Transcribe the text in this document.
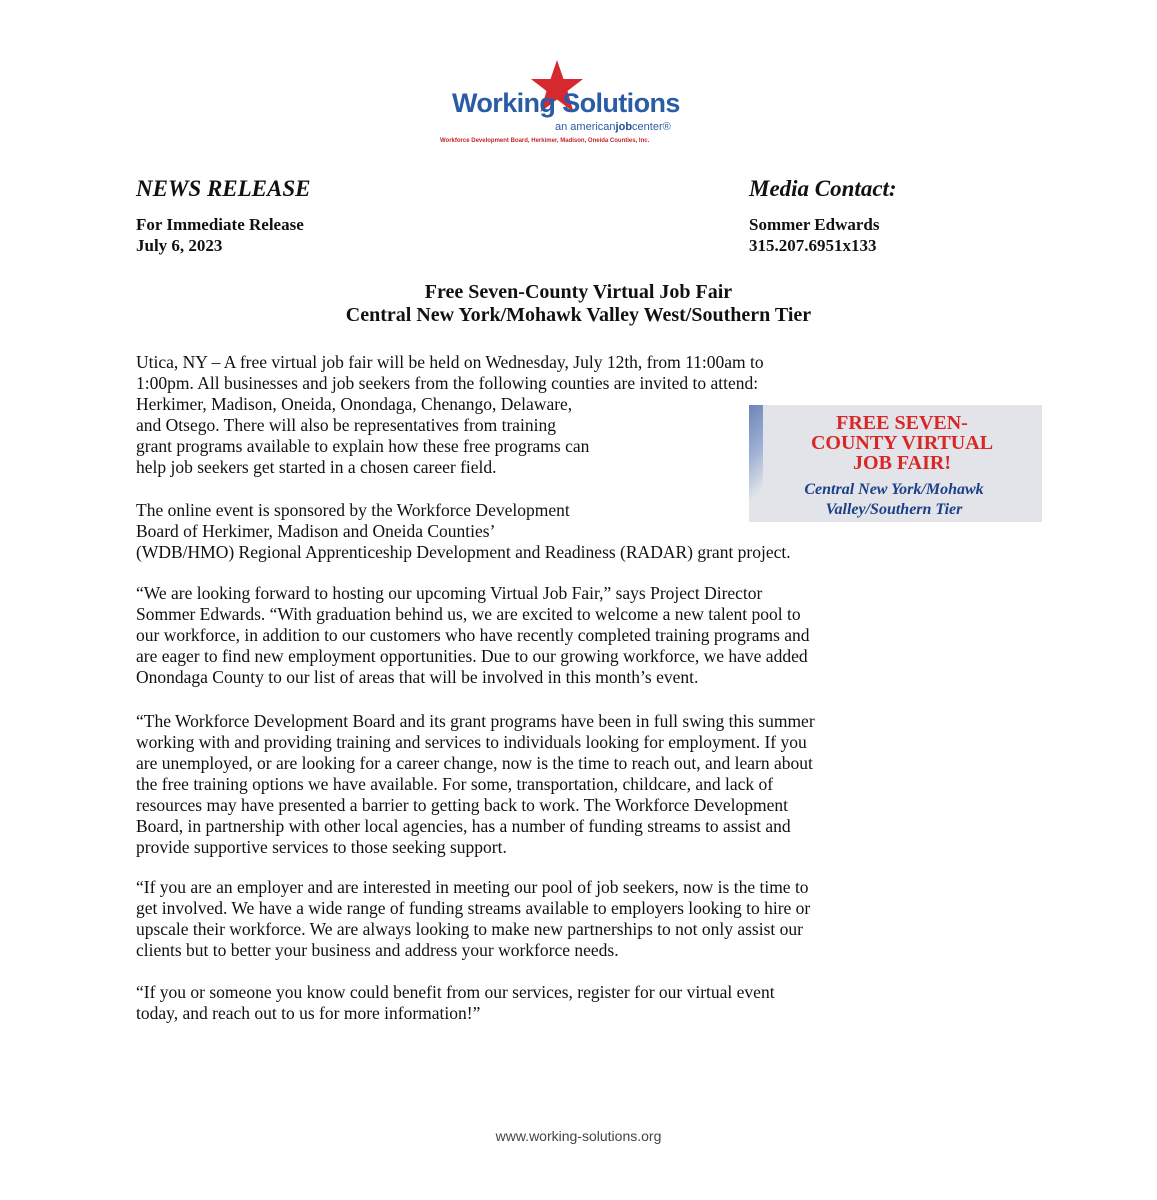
Working Solutions
an americanjobcenter®
Workforce Development Board, Herkimer, Madison, Oneida Counties, Inc.
NEWS RELEASE
For Immediate Release
July 6, 2023
Media Contact:
Sommer Edwards
315.207.6951x133
Free Seven-County Virtual Job Fair
Central New York/Mohawk Valley West/Southern Tier

Utica, NY – A free virtual job fair will be held on Wednesday, July 12th, from 11:00am to
1:00pm. All businesses and job seekers from the following counties are invited to attend:

Herkimer, Madison, Oneida, Onondaga, Chenango, Delaware,
and Otsego. There will also be representatives from training
grant programs available to explain how these free programs can
help job seekers get started in a chosen career field.

FREE SEVEN-
COUNTY VIRTUAL
JOB FAIR!
Central New York/Mohawk
Valley/Southern Tier

The online event is sponsored by the Workforce Development
Board of Herkimer, Madison and Oneida Counties’
(WDB/HMO) Regional Apprenticeship Development and Readiness (RADAR) grant project.

“We are looking forward to hosting our upcoming Virtual Job Fair,” says Project Director
Sommer Edwards. “With graduation behind us, we are excited to welcome a new talent pool to
our workforce, in addition to our customers who have recently completed training programs and
are eager to find new employment opportunities. Due to our growing workforce, we have added
Onondaga County to our list of areas that will be involved in this month’s event.

“The Workforce Development Board and its grant programs have been in full swing this summer
working with and providing training and services to individuals looking for employment. If you
are unemployed, or are looking for a career change, now is the time to reach out, and learn about
the free training options we have available. For some, transportation, childcare, and lack of
resources may have presented a barrier to getting back to work. The Workforce Development
Board, in partnership with other local agencies, has a number of funding streams to assist and
provide supportive services to those seeking support.

“If you are an employer and are interested in meeting our pool of job seekers, now is the time to
get involved. We have a wide range of funding streams available to employers looking to hire or
upscale their workforce. We are always looking to make new partnerships to not only assist our
clients but to better your business and address your workforce needs.

“If you or someone you know could benefit from our services, register for our virtual event
today, and reach out to us for more information!”

www.working-solutions.org
